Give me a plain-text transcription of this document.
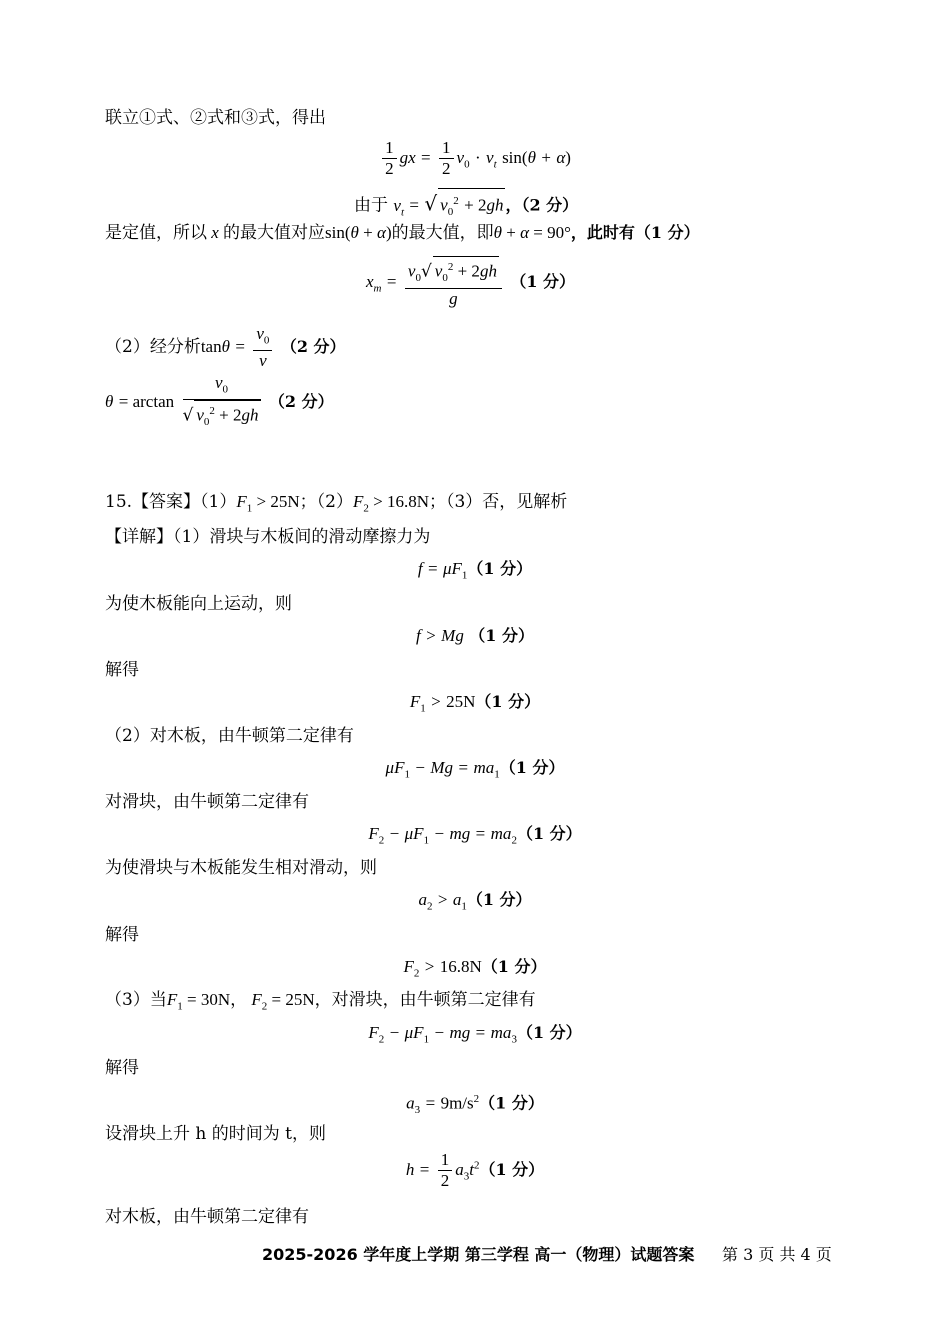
联立①式、②式和③式，得出
$\frac{1}{2}$ gx = $\frac{1}{2} v_0 \cdot v_t$ sin(θ + α)
由于 $v_t$ = √ $v_0^2 + 2gh$ ，（2 分）
是定值，所以 x 的最大值对应sin(θ + α)的最大值，即θ + α = 90°，此时有（1 分）
$x_m = \frac{v_0√ v_0^2 + 2gh}{g} (1$ 分）
（2）经分析$\tan\theta = \frac{v_0}{v} (2$ 分）
$\theta = \arctan \frac{v_0}{√ v_0^2 + 2gh} (2$ 分）
15.【答案】$(1)F_1 > 25N$；$(2)F_2 > 16.8N$；（3）否，见解析
【详解】（1）滑块与木板间的滑动摩擦力为
$f = \mu F_1(1$ 分）
为使木板能向上运动，则
f > Mg （1 分）
解得
$F_1 > 25N(1$ 分）
（2）对木板，由牛顿第二定律有
$\mu F_1 - Mg = ma_1(1$ 分）
对滑块，由牛顿第二定律有
$F_2 - \mu F_1$ − mg = $ma_2(1$ 分）
为使滑块与木板能发生相对滑动，则
$a_2 > a_1(1$ 分）
解得
$F_2 > 16.8N(1$ 分）
（3）当$F_1 = 30N$， $F_2 = 25N$，对滑块，由牛顿第二定律有
$F_2 - \mu F_1$ − mg = $ma_3(1$ 分）
解得
$a_3 = 9m/s^2(1$ 分）
设滑块上升 h 的时间为 t，则
$h = \frac{1}{2} a_3t^2(1$ 分）
对木板，由牛顿第二定律有
2025-2026 学年度上学期 第三学程 高一（物理）试题答案 第 3 页 共 4 页
